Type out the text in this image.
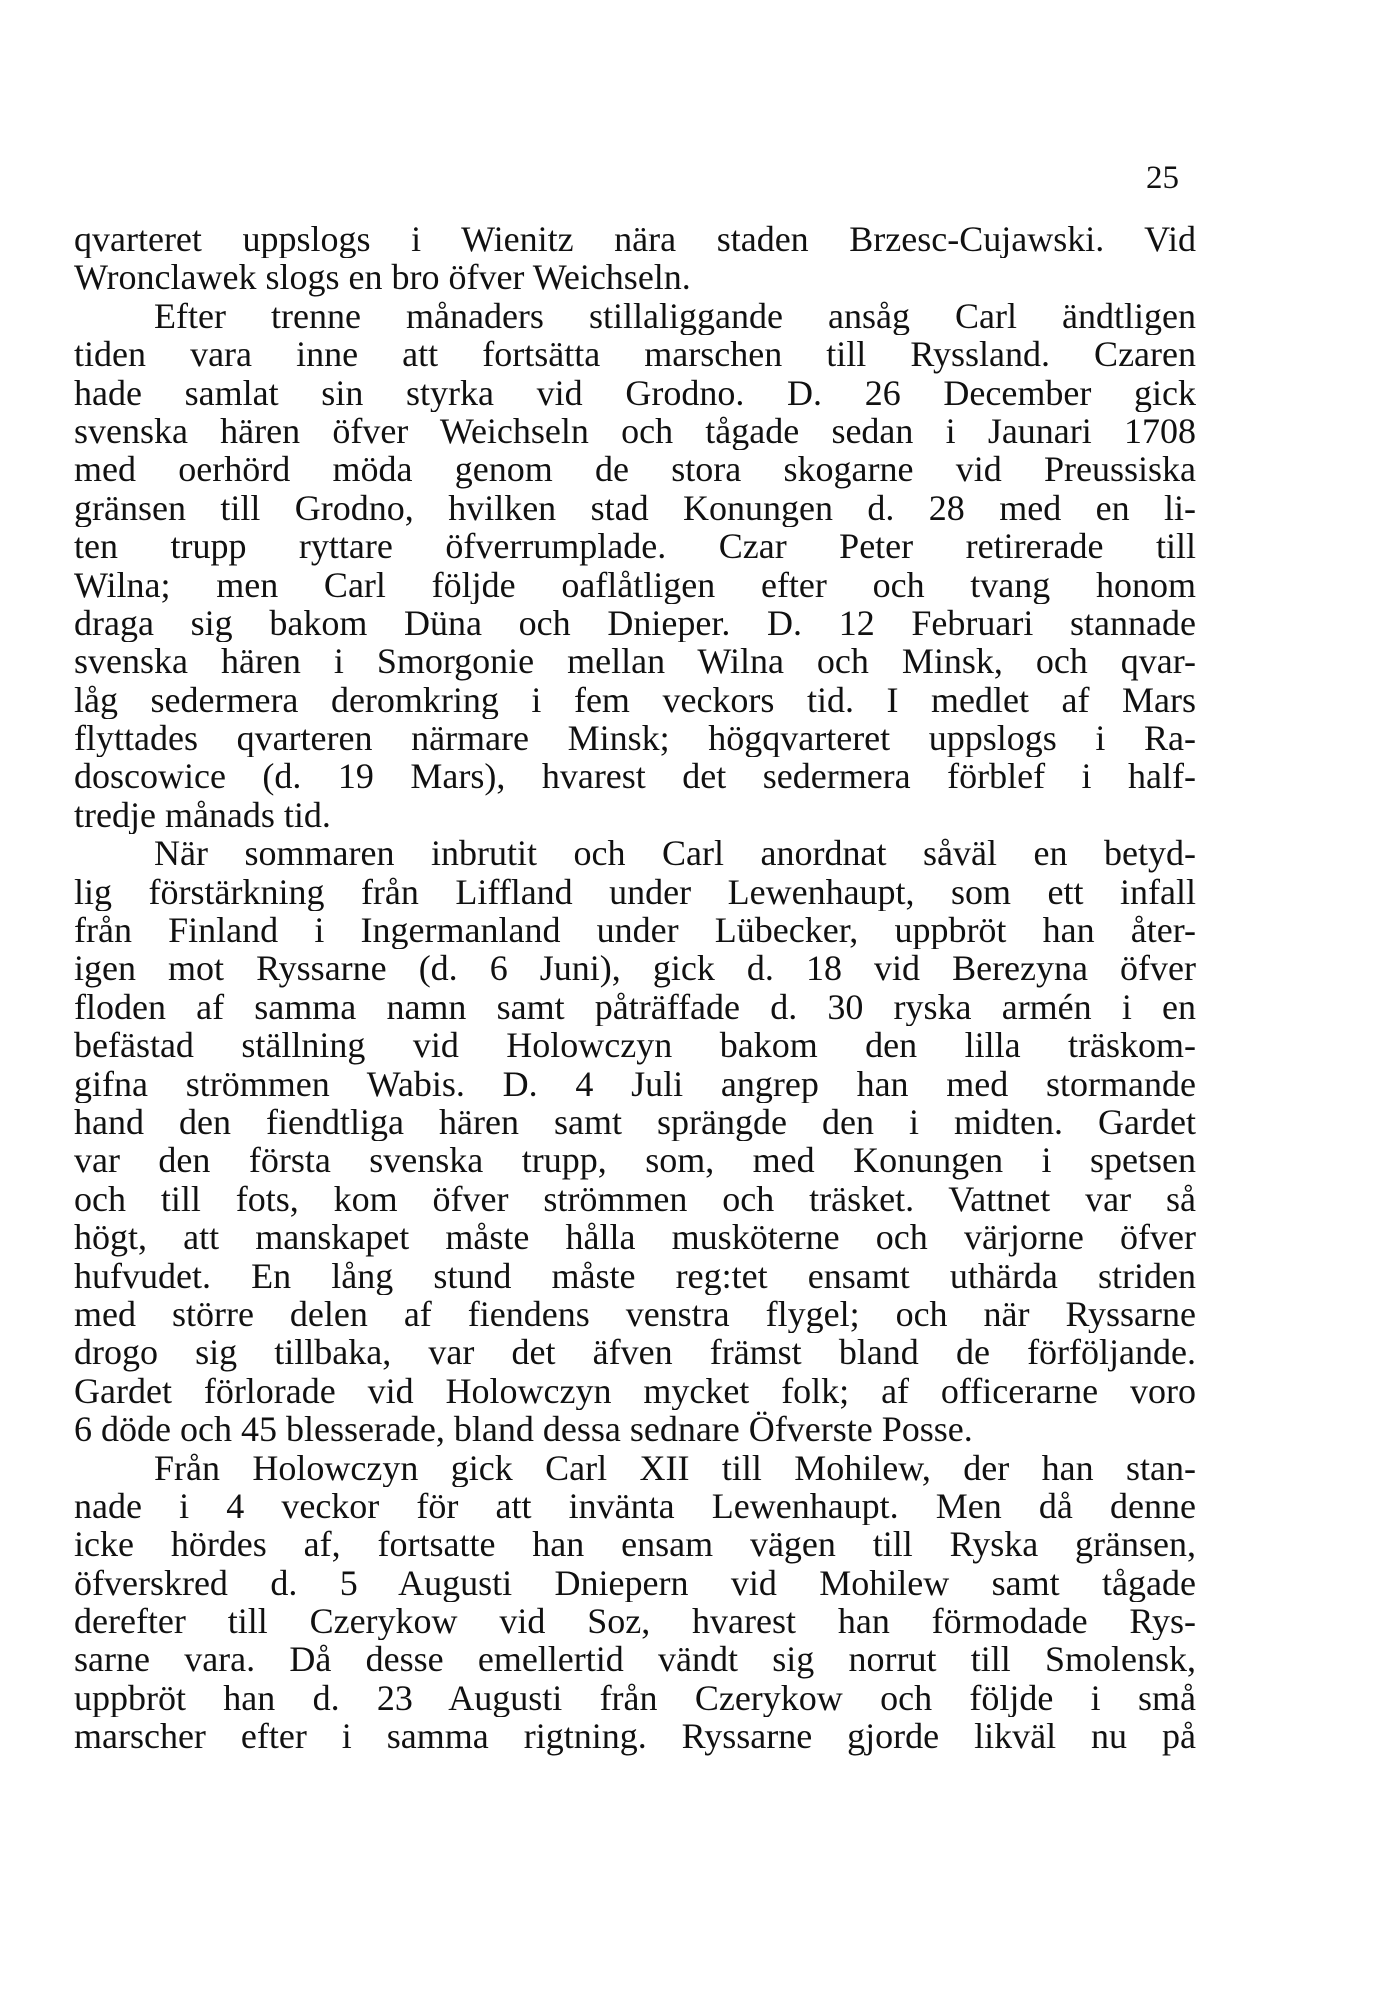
25
qvarteret uppslogs i Wienitz nära staden Brzesc-Cujawski. Vid
Wronclawek slogs en bro öfver Weichseln.
Efter trenne månaders stillaliggande ansåg Carl ändtligen
tiden vara inne att fortsätta marschen till Ryssland. Czaren
hade samlat sin styrka vid Grodno. D. 26 December gick
svenska hären öfver Weichseln och tågade sedan i Jaunari 1708
med oerhörd möda genom de stora skogarne vid Preussiska
gränsen till Grodno, hvilken stad Konungen d. 28 med en li-
ten trupp ryttare öfverrumplade. Czar Peter retirerade till
Wilna; men Carl följde oaflåtligen efter och tvang honom
draga sig bakom Düna och Dnieper. D. 12 Februari stannade
svenska hären i Smorgonie mellan Wilna och Minsk, och qvar-
låg sedermera deromkring i fem veckors tid. I medlet af Mars
flyttades qvarteren närmare Minsk; högqvarteret uppslogs i Ra-
doscowice (d. 19 Mars), hvarest det sedermera förblef i half-
tredje månads tid.
När sommaren inbrutit och Carl anordnat såväl en betyd-
lig förstärkning från Liffland under Lewenhaupt, som ett infall
från Finland i Ingermanland under Lübecker, uppbröt han åter-
igen mot Ryssarne (d. 6 Juni), gick d. 18 vid Berezyna öfver
floden af samma namn samt påträffade d. 30 ryska armén i en
befästad ställning vid Holowczyn bakom den lilla träskom-
gifna strömmen Wabis. D. 4 Juli angrep han med stormande
hand den fiendtliga hären samt sprängde den i midten. Gardet
var den första svenska trupp, som, med Konungen i spetsen
och till fots, kom öfver strömmen och träsket. Vattnet var så
högt, att manskapet måste hålla musköterne och värjorne öfver
hufvudet. En lång stund måste reg:tet ensamt uthärda striden
med större delen af fiendens venstra flygel; och när Ryssarne
drogo sig tillbaka, var det äfven främst bland de förföljande.
Gardet förlorade vid Holowczyn mycket folk; af officerarne voro
6 döde och 45 blesserade, bland dessa sednare Öfverste Posse.
Från Holowczyn gick Carl XII till Mohilew, der han stan-
nade i 4 veckor för att invänta Lewenhaupt. Men då denne
icke hördes af, fortsatte han ensam vägen till Ryska gränsen,
öfverskred d. 5 Augusti Dniepern vid Mohilew samt tågade
derefter till Czerykow vid Soz, hvarest han förmodade Rys-
sarne vara. Då desse emellertid vändt sig norrut till Smolensk,
uppbröt han d. 23 Augusti från Czerykow och följde i små
marscher efter i samma rigtning. Ryssarne gjorde likväl nu på
